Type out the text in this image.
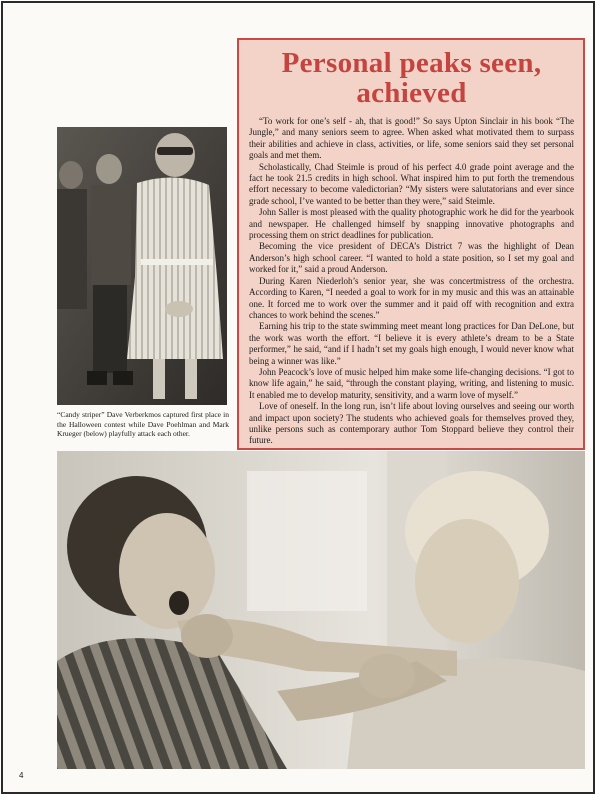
“Candy striper” Dave Verberkmos captured first place in the Halloween contest while Dave Poehlman and Mark Krueger (below) playfully attack each other.
Personal peaks seen,
achieved

“To work for one’s self - ah, that is good!” So says Upton Sinclair in his book “The Jungle,” and many seniors seem to agree. When asked what motivated them to surpass their abilities and achieve in class, activities, or life, some seniors said they set personal goals and met them.

Scholastically, Chad Steimle is proud of his perfect 4.0 grade point average and the fact he took 21.5 credits in high school. What inspired him to put forth the tremendous effort necessary to become valedictorian? “My sisters were salutatorians and ever since grade school, I’ve wanted to be better than they were,” said Steimle.

John Saller is most pleased with the quality photographic work he did for the yearbook and newspaper. He challenged himself by snapping innovative photographs and processing them on strict deadlines for publication.

Becoming the vice president of DECA’s District 7 was the highlight of Dean Anderson’s high school career. “I wanted to hold a state position, so I set my goal and worked for it,” said a proud Anderson.

During Karen Niederloh’s senior year, she was concertmistress of the orchestra. According to Karen, “I needed a goal to work for in my music and this was an attainable one. It forced me to work over the summer and it paid off with recognition and extra chances to work behind the scenes.”

Earning his trip to the state swimming meet meant long practices for Dan DeLone, but the work was worth the effort. “I believe it is every athlete’s dream to be a State performer,” he said, “and if I hadn’t set my goals high enough, I would never know what being a winner was like.”

John Peacock’s love of music helped him make some life-changing decisions. “I got to know life again,” he said, “through the constant playing, writing, and listening to music. It enabled me to develop maturity, sensitivity, and a warm love of myself.”

Love of oneself. In the long run, isn’t life about loving ourselves and seeing our worth and impact upon society? The students who achieved goals for themselves proved they, unlike persons such as contemporary author Tom Stoppard believe they control their future.

4
